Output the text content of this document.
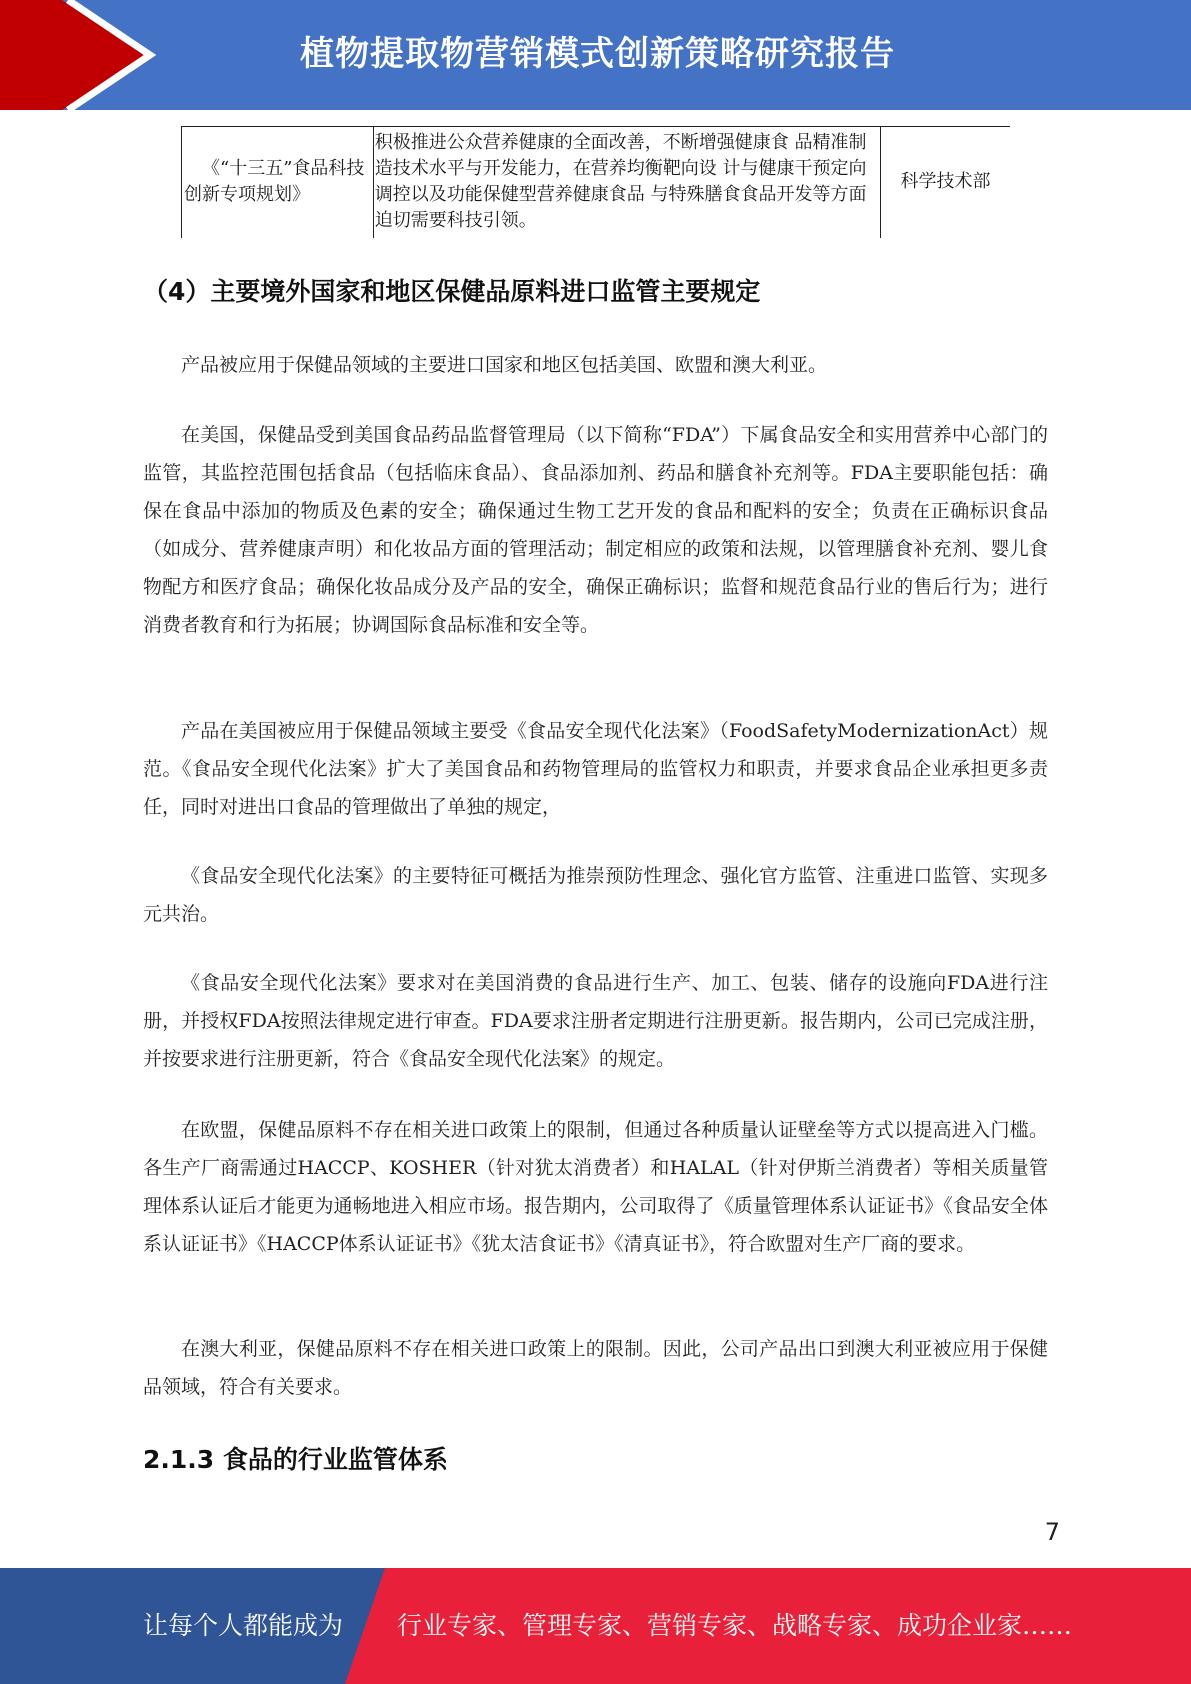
植物提取物营销模式创新策略研究报告
《“十三五”食品科技创新专项规划》	积极推进公众营养健康的全面改善，不断增强健康食 品精准制造技术水平与开发能力，在营养均衡靶向设 计与健康干预定向调控以及功能保健型营养健康食品 与特殊膳食食品开发等方面迫切需要科技引领。	科学技术部
（4）主要境外国家和地区保健品原料进口监管主要规定

产品被应用于保健品领域的主要进口国家和地区包括美国、欧盟和澳大利亚。

在美国，保健品受到美国食品药品监督管理局（以下简称“FDA”）下属食品安全和实用营养中心部门的监管，其监控范围包括食品（包括临床食品）、食品添加剂、药品和膳食补充剂等。FDA主要职能包括：确保在食品中添加的物质及色素的安全；确保通过生物工艺开发的食品和配料的安全；负责在正确标识食品（如成分、营养健康声明）和化妆品方面的管理活动；制定相应的政策和法规，以管理膳食补充剂、婴儿食物配方和医疗食品；确保化妆品成分及产品的安全，确保正确标识；监督和规范食品行业的售后行为；进行消费者教育和行为拓展；协调国际食品标准和安全等。

产品在美国被应用于保健品领域主要受《食品安全现代化法案》（FoodSafetyModernizationAct）规范。《食品安全现代化法案》扩大了美国食品和药物管理局的监管权力和职责，并要求食品企业承担更多责任，同时对进出口食品的管理做出了单独的规定，

《食品安全现代化法案》的主要特征可概括为推崇预防性理念、强化官方监管、注重进口监管、实现多元共治。

《食品安全现代化法案》要求对在美国消费的食品进行生产、加工、包装、储存的设施向FDA进行注册，并授权FDA按照法律规定进行审查。FDA要求注册者定期进行注册更新。报告期内，公司已完成注册，并按要求进行注册更新，符合《食品安全现代化法案》的规定。

在欧盟，保健品原料不存在相关进口政策上的限制，但通过各种质量认证壁垒等方式以提高进入门槛。各生产厂商需通过HACCP、KOSHER（针对犹太消费者）和HALAL（针对伊斯兰消费者）等相关质量管理体系认证后才能更为通畅地进入相应市场。报告期内，公司取得了《质量管理体系认证证书》《食品安全体系认证证书》《HACCP体系认证证书》《犹太洁食证书》《清真证书》，符合欧盟对生产厂商的要求。

在澳大利亚，保健品原料不存在相关进口政策上的限制。因此，公司产品出口到澳大利亚被应用于保健品领域，符合有关要求。

2.1.3 食品的行业监管体系
7
让每个人都能成为 行业专家、管理专家、营销专家、战略专家、成功企业家……
